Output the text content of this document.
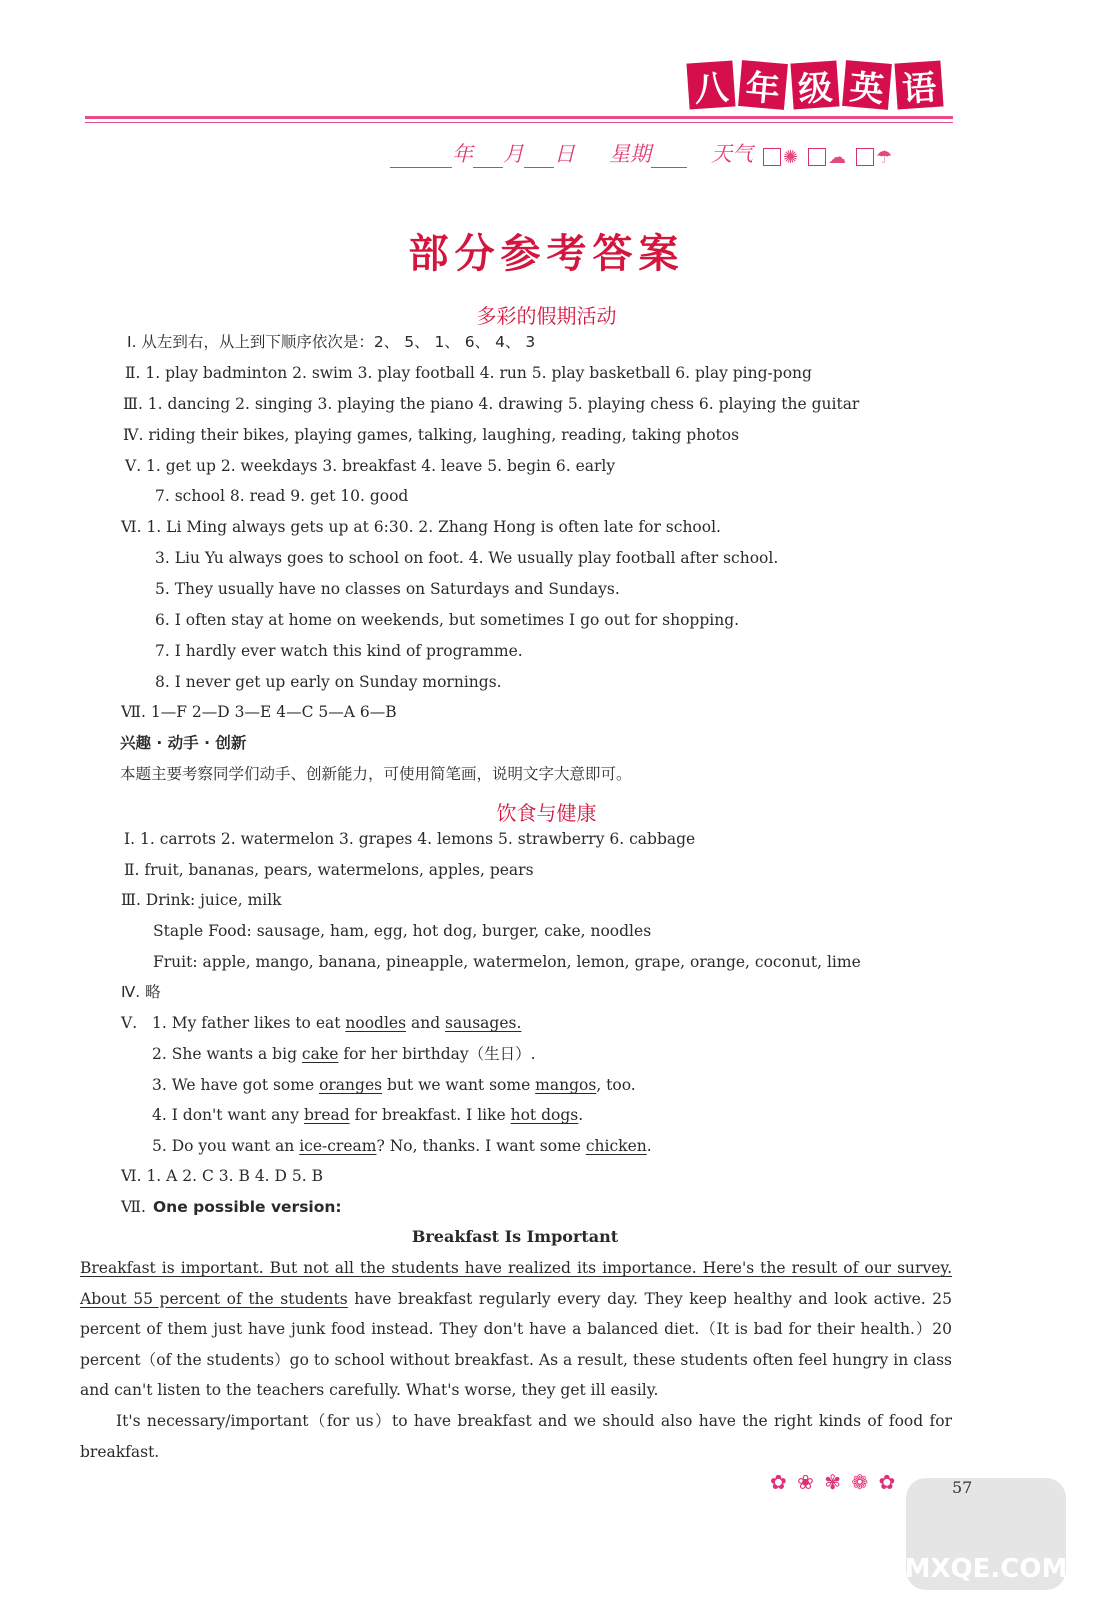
八 年 级 英 语
年 月 日 星期	天气 ✺ ☁ ☂
部分参考答案
多彩的假期活动
Ⅰ. 从左到右，从上到下顺序依次是：2、 5、 1、 6、 4、 3
Ⅱ. 1. play badminton 2. swim 3. play football 4. run 5. play basketball 6. play ping-pong
Ⅲ. 1. dancing 2. singing 3. playing the piano 4. drawing 5. playing chess 6. playing the guitar
Ⅳ. riding their bikes, playing games, talking, laughing, reading, taking photos
Ⅴ. 1. get up 2. weekdays 3. breakfast 4. leave 5. begin 6. early
7. school 8. read 9. get 10. good
Ⅵ. 1. Li Ming always gets up at 6:30. 2. Zhang Hong is often late for school.
3. Liu Yu always goes to school on foot. 4. We usually play football after school.
5. They usually have no classes on Saturdays and Sundays.
6. I often stay at home on weekends, but sometimes I go out for shopping.
7. I hardly ever watch this kind of programme.
8. I never get up early on Sunday mornings.
Ⅶ. 1—F 2—D 3—E 4—C 5—A 6—B
兴趣 · 动手 · 创新
本题主要考察同学们动手、创新能力，可使用简笔画，说明文字大意即可。
饮食与健康
Ⅰ. 1. carrots 2. watermelon 3. grapes 4. lemons 5. strawberry 6. cabbage
Ⅱ. fruit, bananas, pears, watermelons, apples, pears
Ⅲ. Drink: juice, milk
Staple Food: sausage, ham, egg, hot dog, burger, cake, noodles
Fruit: apple, mango, banana, pineapple, watermelon, lemon, grape, orange, coconut, lime
Ⅳ. 略
Ⅴ. 1. My father likes to eat noodles and sausages.
2. She wants a big cake for her birthday（生日）.
3. We have got some oranges but we want some mangos, too.
4. I don't want any bread for breakfast. I like hot dogs.
5. Do you want an ice-cream? No, thanks. I want some chicken.
Ⅵ. 1. A 2. C 3. B 4. D 5. B
Ⅶ. One possible version:
Breakfast Is Important
Breakfast is important. But not all the students have realized its importance. Here's the result of our survey. About 55 percent of the students have breakfast regularly every day. They keep healthy and look active. 25 percent of them just have junk food instead. They don't have a balanced diet.（It is bad for their health.）20 percent（of the students）go to school without breakfast. As a result, these students often feel hungry in class and can't listen to the teachers carefully. What's worse, they get ill easily.
It's necessary/important（for us）to have breakfast and we should also have the right kinds of food for breakfast.
✿ ❀ ✾ ❁ ✿
MXQE.COM
57
